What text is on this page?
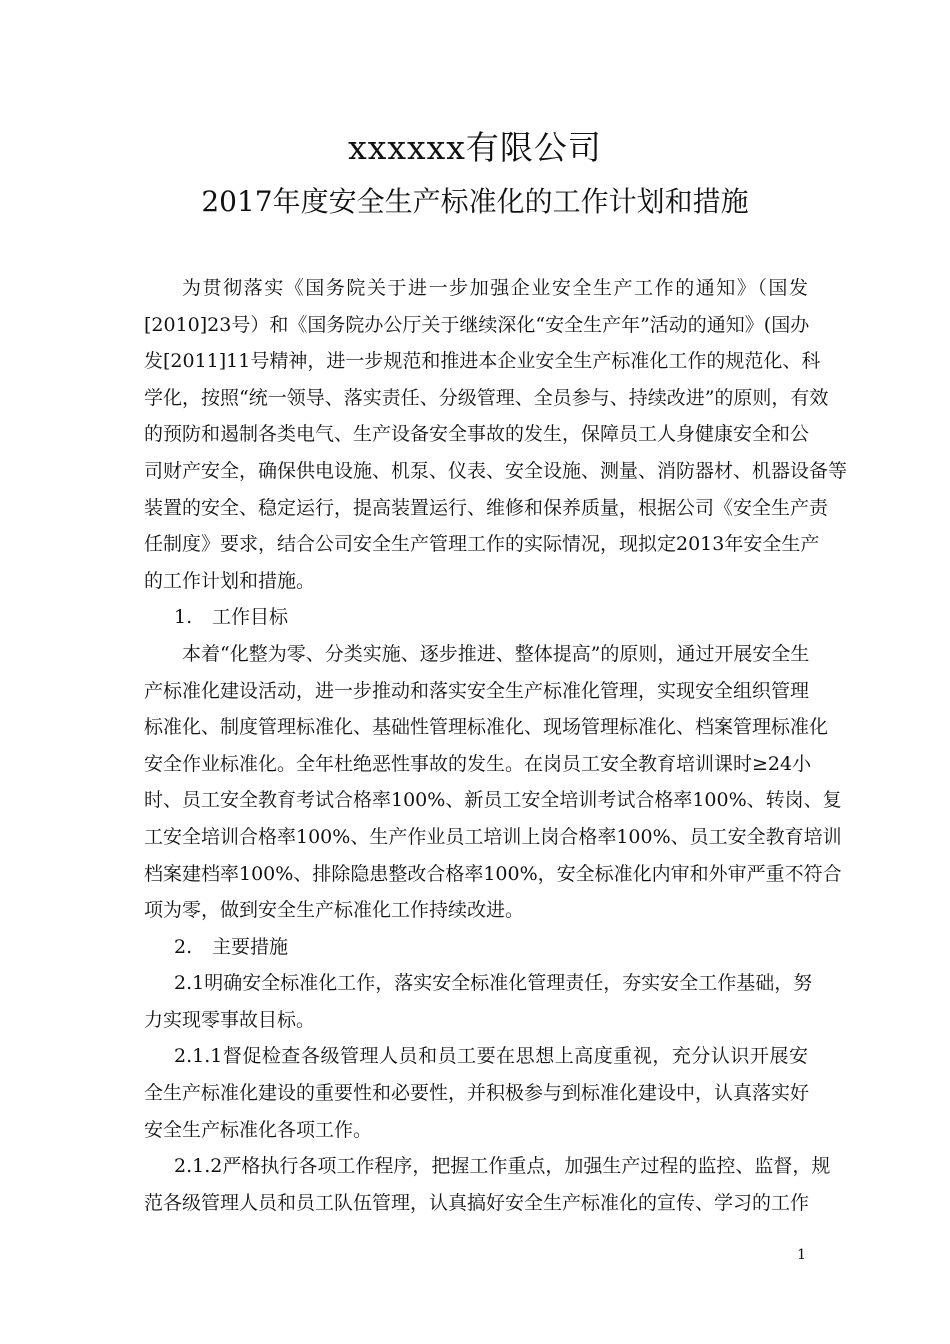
xxxxxx有限公司
2017年度安全生产标准化的工作计划和措施
为贯彻落实《国务院关于进一步加强企业安全生产工作的通知》（国发
[2010]23号）和《国务院办公厅关于继续深化“安全生产年”活动的通知》(国办
发[2011]11号精神，进一步规范和推进本企业安全生产标准化工作的规范化、科
学化，按照“统一领导、落实责任、分级管理、全员参与、持续改进”的原则，有效
的预防和遏制各类电气、生产设备安全事故的发生，保障员工人身健康安全和公
司财产安全，确保供电设施、机泵、仪表、安全设施、测量、消防器材、机器设备等
装置的安全、稳定运行，提高装置运行、维修和保养质量，根据公司《安全生产责
任制度》要求，结合公司安全生产管理工作的实际情况，现拟定2013年安全生产
的工作计划和措施。
1. 工作目标
本着“化整为零、分类实施、逐步推进、整体提高”的原则，通过开展安全生
产标准化建设活动，进一步推动和落实安全生产标准化管理，实现安全组织管理
标准化、制度管理标准化、基础性管理标准化、现场管理标准化、档案管理标准化
安全作业标准化。全年杜绝恶性事故的发生。在岗员工安全教育培训课时≥24小
时、员工安全教育考试合格率100%、新员工安全培训考试合格率100%、转岗、复
工安全培训合格率100%、生产作业员工培训上岗合格率100%、员工安全教育培训
档案建档率100%、排除隐患整改合格率100%，安全标准化内审和外审严重不符合
项为零，做到安全生产标准化工作持续改进。
2. 主要措施
2.1明确安全标准化工作，落实安全标准化管理责任，夯实安全工作基础，努
力实现零事故目标。
2.1.1督促检查各级管理人员和员工要在思想上高度重视，充分认识开展安
全生产标准化建设的重要性和必要性，并积极参与到标准化建设中，认真落实好
安全生产标准化各项工作。
2.1.2严格执行各项工作程序，把握工作重点，加强生产过程的监控、监督，规
范各级管理人员和员工队伍管理，认真搞好安全生产标准化的宣传、学习的工作
1
